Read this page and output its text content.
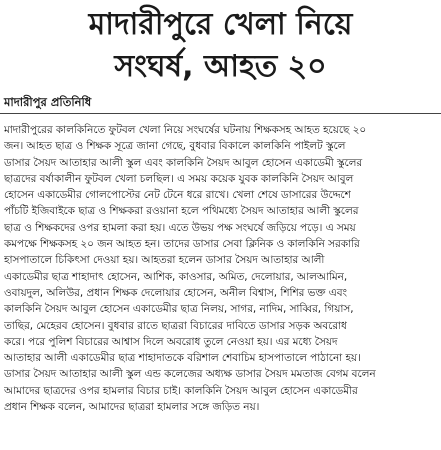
মাদারীপুরে খেলা নিয়ে
সংঘর্ষ, আহত ২০
মাদারীপুর প্রতিনিধি
মাদারীপুরের কালকিনিতে ফুটবল খেলা নিয়ে সংঘর্ষের ঘটনায় শিক্ষকসহ আহত হয়েছে ২০
জন। আহত ছাত্র ও শিক্ষক সূত্রে জানা গেছে, বুধবার বিকালে কালকিনি পাইলট স্কুলে
ডাসার সৈয়দ আতাহার আলী স্কুল এবং কালকিনি সৈয়দ আবুল হোসেন একাডেমী স্কুলের
ছাত্রদের বর্ষাকালীন ফুটবল খেলা চলছিল। এ সময় কয়েক যুবক কালকিনি সৈয়দ আবুল
হোসেন একাডেমীর গোলপোস্টের নেট টেনে ধরে রাখে। খেলা শেষে ডাসারের উদ্দেশে
পাঁচটি ইজিবাইকে ছাত্র ও শিক্ষকরা রওয়ানা হলে পথিমধ্যে সৈয়দ আতাহার আলী স্কুলের
ছাত্র ও শিক্ষকদের ওপর হামলা করা হয়। এতে উভয় পক্ষ সংঘর্ষে জড়িয়ে পড়ে। এ সময়
কমপক্ষে শিক্ষকসহ ২০ জন আহত হন। তাদের ডাসার সেবা ক্লিনিক ও কালকিনি সরকারি
হাসপাতালে চিকিৎসা দেওয়া হয়। আহতরা হলেন ডাসার সৈয়দ আতাহার আলী
একাডেমীর ছাত্র শাহাদাৎ হোসেন, আশিক, কাওসার, অমিত, দেলোয়ার, আলআমিন,
ওবায়দুল, অলিউর, প্রধান শিক্ষক দেলোয়ার হোসেন, অনীল বিশ্বাস, শিশির ভক্ত এবং
কালকিনি সৈয়দ আবুল হোসেন একাডেমীর ছাত্র নিলয়, সাগর, নাদিম, সাব্বির, গিয়াস,
তাছির, মেহেরব হোসেন। বুধবার রাতে ছাত্ররা বিচারের দাবিতে ডাসার সড়ক অবরোধ
করে। পরে পুলিশ বিচারের আশ্বাস দিলে অবরোধ তুলে নেওয়া হয়। এর মধ্যে সৈয়দ
আতাহার আলী একাডেমীর ছাত্র শাহাদাতকে বরিশাল শেবাচিম হাসপাতালে পাঠানো হয়।
ডাসার সৈয়দ আতাহার আলী স্কুল এন্ড কলেজের অধ্যক্ষ ডাসার সৈয়দ মমতাজ বেগম বলেন
আমাদের ছাত্রদের ওপর হামলার বিচার চাই। কালকিনি সৈয়দ আবুল হোসেন একাডেমীর
প্রধান শিক্ষক বলেন, আমাদের ছাত্ররা হামলার সঙ্গে জড়িত নয়।
